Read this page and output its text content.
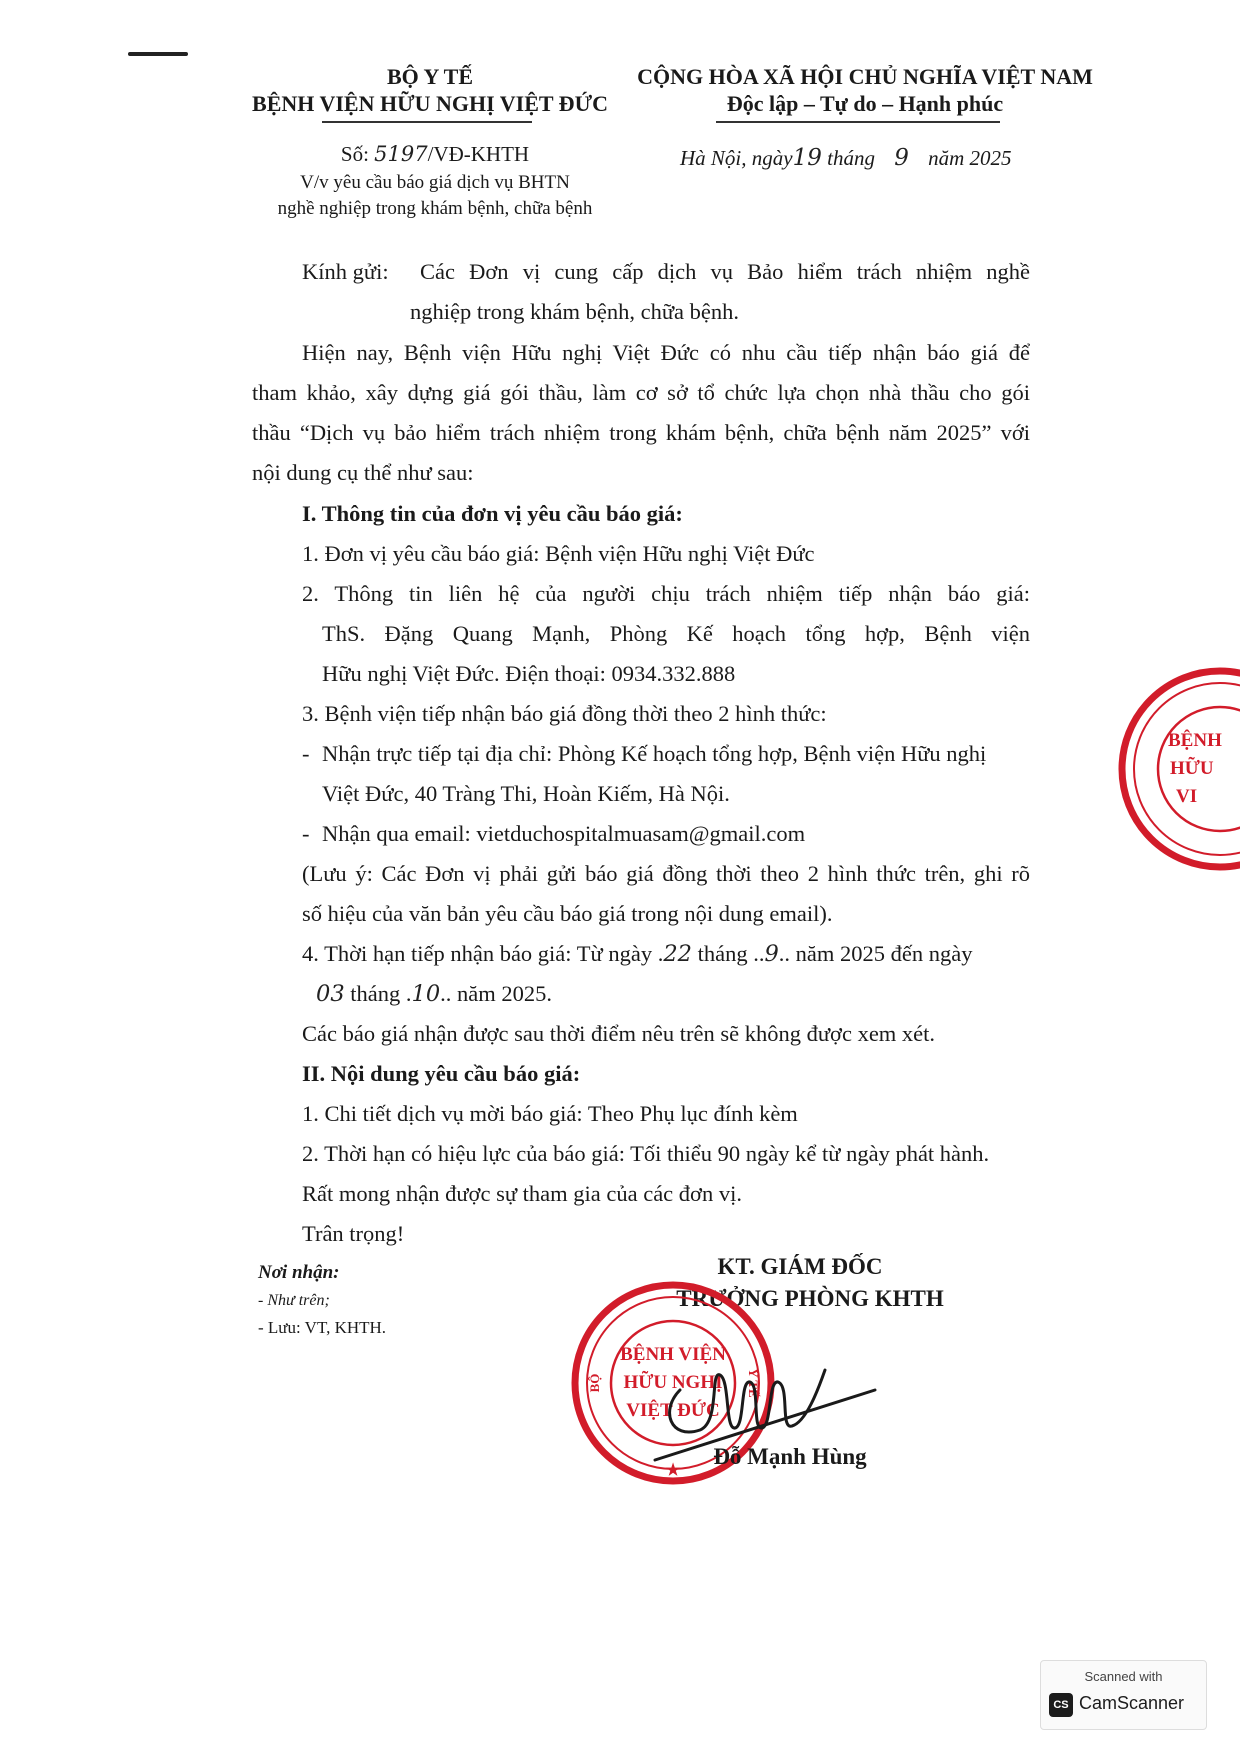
BỘ Y TẾ
BỆNH VIỆN HỮU NGHỊ VIỆT ĐỨC
Số: 5197/VĐ-KHTH
V/v yêu cầu báo giá dịch vụ BHTN
nghề nghiệp trong khám bệnh, chữa bệnh
CỘNG HÒA XÃ HỘI CHỦ NGHĨA VIỆT NAM
Độc lập – Tự do – Hạnh phúc
Hà Nội, ngày19 tháng 9 năm 2025
Kính gửi: Các Đơn vị cung cấp dịch vụ Bảo hiểm trách nhiệm nghề
nghiệp trong khám bệnh, chữa bệnh.
Hiện nay, Bệnh viện Hữu nghị Việt Đức có nhu cầu tiếp nhận báo giá để
tham khảo, xây dựng giá gói thầu, làm cơ sở tổ chức lựa chọn nhà thầu cho gói
thầu “Dịch vụ bảo hiểm trách nhiệm trong khám bệnh, chữa bệnh năm 2025” với
nội dung cụ thể như sau:
I. Thông tin của đơn vị yêu cầu báo giá:
1. Đơn vị yêu cầu báo giá: Bệnh viện Hữu nghị Việt Đức
2. Thông tin liên hệ của người chịu trách nhiệm tiếp nhận báo giá:
ThS. Đặng Quang Mạnh, Phòng Kế hoạch tổng hợp, Bệnh viện
Hữu nghị Việt Đức. Điện thoại: 0934.332.888
3. Bệnh viện tiếp nhận báo giá đồng thời theo 2 hình thức:
- Nhận trực tiếp tại địa chỉ: Phòng Kế hoạch tổng hợp, Bệnh viện Hữu nghị
Việt Đức, 40 Tràng Thi, Hoàn Kiếm, Hà Nội.
- Nhận qua email: vietduchospitalmuasam@gmail.com
(Lưu ý: Các Đơn vị phải gửi báo giá đồng thời theo 2 hình thức trên, ghi rõ
số hiệu của văn bản yêu cầu báo giá trong nội dung email).
4. Thời hạn tiếp nhận báo giá: Từ ngày .22 tháng ..9.. năm 2025 đến ngày
03 tháng .10.. năm 2025.
Các báo giá nhận được sau thời điểm nêu trên sẽ không được xem xét.
II. Nội dung yêu cầu báo giá:
1. Chi tiết dịch vụ mời báo giá: Theo Phụ lục đính kèm
2. Thời hạn có hiệu lực của báo giá: Tối thiểu 90 ngày kể từ ngày phát hành.
Rất mong nhận được sự tham gia của các đơn vị.
Trân trọng!
Nơi nhận:
- Như trên;
- Lưu: VT, KHTH.
KT. GIÁM ĐỐC
TRƯỞNG PHÒNG KHTH
BỆNH VIỆN
HỮU NGHỊ
VIỆT ĐỨC
BỘ	Y TẾ
★
Đỗ Mạnh Hùng
BỆNH
HỮU
VI
Scanned with
CS CamScanner
